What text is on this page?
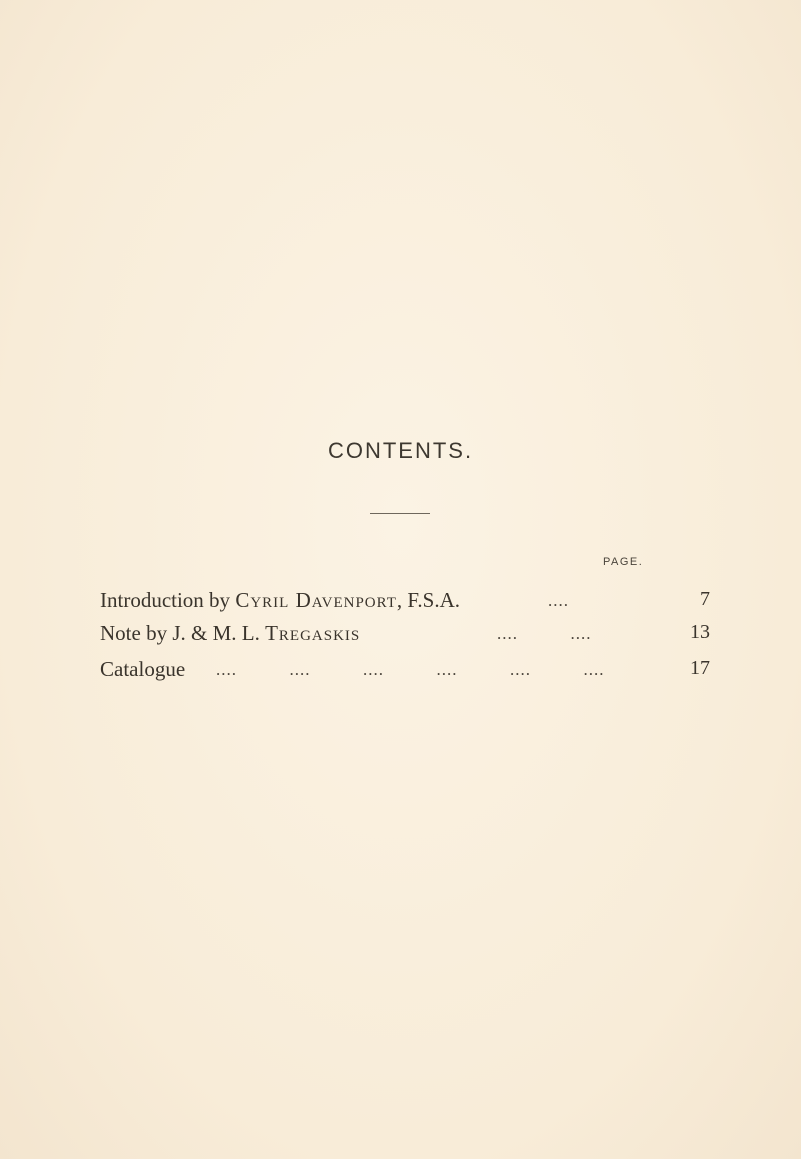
CONTENTS.
PAGE.
Introduction by Cyril Davenport, F.S.A.	....	7
Note by J. & M. L. Tregaskis	....          ....	13
Catalogue ....          ....          ....          ....          ....          ....	17
